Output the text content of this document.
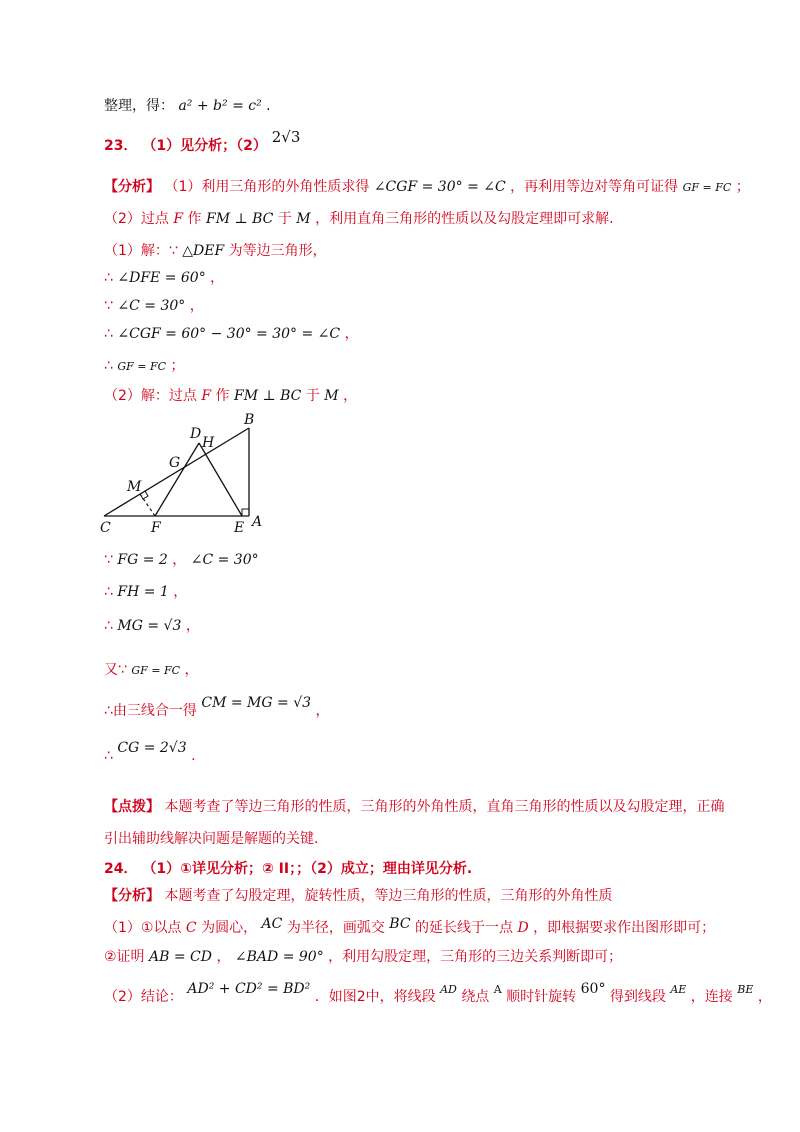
整理，得： a² + b² = c² .
23． （1）见分析；（2） 2√3
【分析】 （1）利用三角形的外角性质求得 ∠CGF = 30° = ∠C ，再利用等边对等角可证得 GF = FC ；
（2）过点 F 作 FM ⊥ BC 于 M ，利用直角三角形的性质以及勾股定理即可求解.
（1）解：∵ △DEF 为等边三角形，
∴ ∠DFE = 60° ，
∵ ∠C = 30° ，
∴ ∠CGF = 60° − 30° = 30° = ∠C ，
∴ GF = FC ；
（2）解：过点 F 作 FM ⊥ BC 于 M ，
B
D
H
G
M
C	F	E A
∵ FG = 2 ， ∠C = 30°
∴ FH = 1 ，
∴ MG = √3 ，
又∵ GF = FC ，
∴由三线合一得 CM = MG = √3 ，
∴ CG = 2√3 .
【点拨】 本题考查了等边三角形的性质，三角形的外角性质，直角三角形的性质以及勾股定理，正确
引出辅助线解决问题是解题的关键.
24． （1）①详见分析；② II；；（2）成立；理由详见分析.
【分析】 本题考查了勾股定理，旋转性质，等边三角形的性质，三角形的外角性质
（1）①以点 C 为圆心， AC 为半径，画弧交 BC 的延长线于一点 D ，即根据要求作出图形即可；
②证明 AB = CD ， ∠BAD = 90° ，利用勾股定理，三角形的三边关系判断即可；
（2）结论： AD² + CD² = BD² ．如图2中，将线段 $^{AD}$ 绕点 $^A$ 顺时针旋转 60° 得到线段 $^{AE}$ ，连接 $^{BE}$ ，
